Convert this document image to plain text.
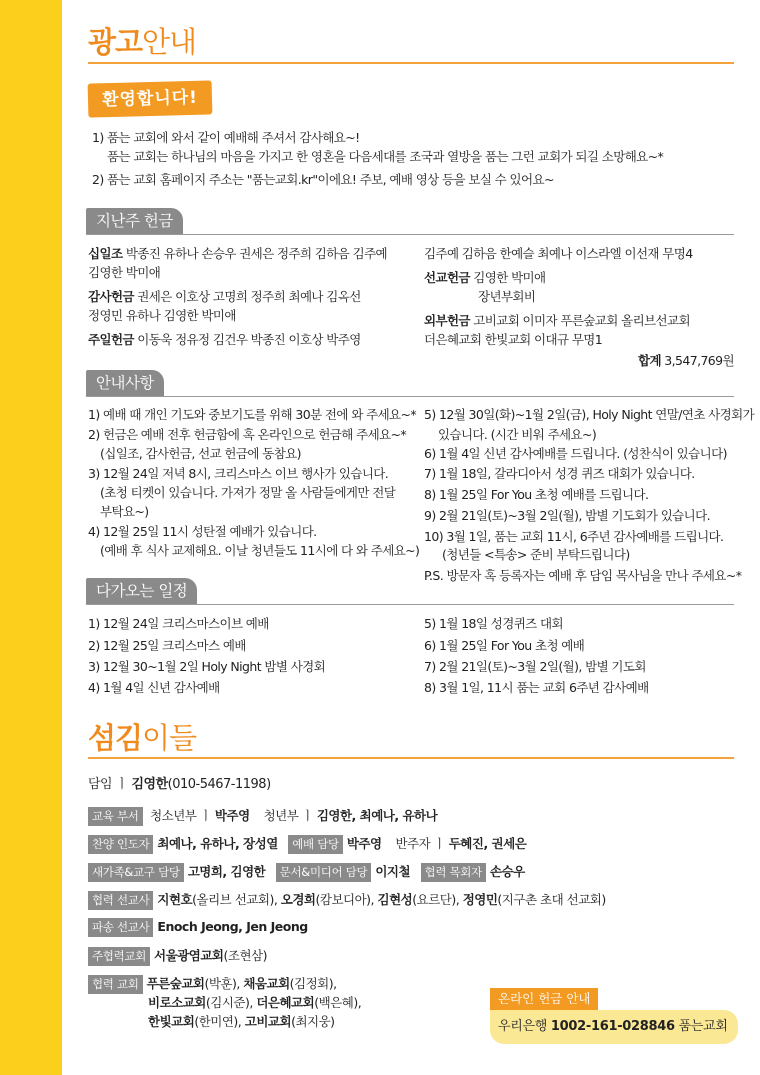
광고안내
환영합니다!
1) 품는 교회에 와서 같이 예배해 주셔서 감사해요~!
품는 교회는 하나님의 마음을 가지고 한 영혼을 다음세대를 조국과 열방을 품는 그런 교회가 되길 소망해요~*
2) 품는 교회 홈페이지 주소는 "품는교회.kr"이에요! 주보, 예배 영상 등을 보실 수 있어요~
지난주 헌금
십일조 박종진 유하나 손승우 권세은 정주희 김하음 김주예
김영한 박미애
감사헌금 권세은 이호상 고명희 정주희 최예나 김옥선
정영민 유하나 김영한 박미애
주일헌금 이동욱 정유정 김건우 박종진 이호상 박주영
김주예 김하음 한예슬 최예나 이스라엘 이선재 무명4
선교헌금 김영한 박미애
장년부회비
외부헌금 고비교회 이미자 푸른숲교회 올리브선교회
더은혜교회 한빛교회 이대규 무명1
합계 3,547,769원
안내사항
1) 예배 때 개인 기도와 중보기도를 위해 30분 전에 와 주세요~*
2) 헌금은 예배 전후 헌금함에 혹 온라인으로 헌금해 주세요~*
(십일조, 감사헌금, 선교 헌금에 동참요)
3) 12월 24일 저녁 8시, 크리스마스 이브 행사가 있습니다.
(초청 티켓이 있습니다. 가져가 정말 올 사람들에게만 전달
부탁요~)
4) 12월 25일 11시 성탄절 예배가 있습니다.
(예배 후 식사 교제해요. 이날 청년들도 11시에 다 와 주세요~)
5) 12월 30일(화)~1월 2일(금), Holy Night 연말/연초 사경회가
있습니다. (시간 비워 주세요~)
6) 1월 4일 신년 감사예배를 드립니다. (성찬식이 있습니다)
7) 1월 18일, 갈라디아서 성경 퀴즈 대회가 있습니다.
8) 1월 25일 For You 초청 예배를 드립니다.
9) 2월 21일(토)~3월 2일(월), 밤별 기도회가 있습니다.
10) 3월 1일, 품는 교회 11시, 6주년 감사예배를 드립니다.
(청년들 <특송> 준비 부탁드립니다)
P.S. 방문자 혹 등록자는 예배 후 담임 목사님을 만나 주세요~*
다가오는 일정
1) 12월 24일 크리스마스이브 예배
2) 12월 25일 크리스마스 예배
3) 12월 30~1월 2일 Holy Night 밤별 사경회
4) 1월 4일 신년 감사예배
5) 1월 18일 성경퀴즈 대회
6) 1월 25일 For You 초청 예배
7) 2월 21일(토)~3월 2일(월), 밤별 기도회
8) 3월 1일, 11시 품는 교회 6주년 감사예배
섬김이들
담임 ㅣ 김영한(010-5467-1198)
교육 부서 청소년부 ㅣ 박주영 청년부 ㅣ 김영한, 최예나, 유하나
찬양 인도자 최예나, 유하나, 장성열 예배 담당 박주영 반주자 ㅣ 두혜진, 권세은
새가족&교구 담당 고명희, 김영한 문서&미디어 담당 이지철 협력 목회자 손승우
협력 선교사 지현호(올리브 선교회), 오경희(캄보디아), 김현성(요르단), 정영민(지구촌 초대 선교회)
파송 선교사 Enoch Jeong, Jen Jeong
주협력교회 서울광염교회(조현삼)
협력 교회 푸른숲교회(박훈), 채움교회(김정회),
비로소교회(김시준), 더은혜교회(백은혜),
한빛교회(한미연), 고비교회(최지웅)
온라인 헌금 안내
우리은행 1002-161-028846 품는교회
